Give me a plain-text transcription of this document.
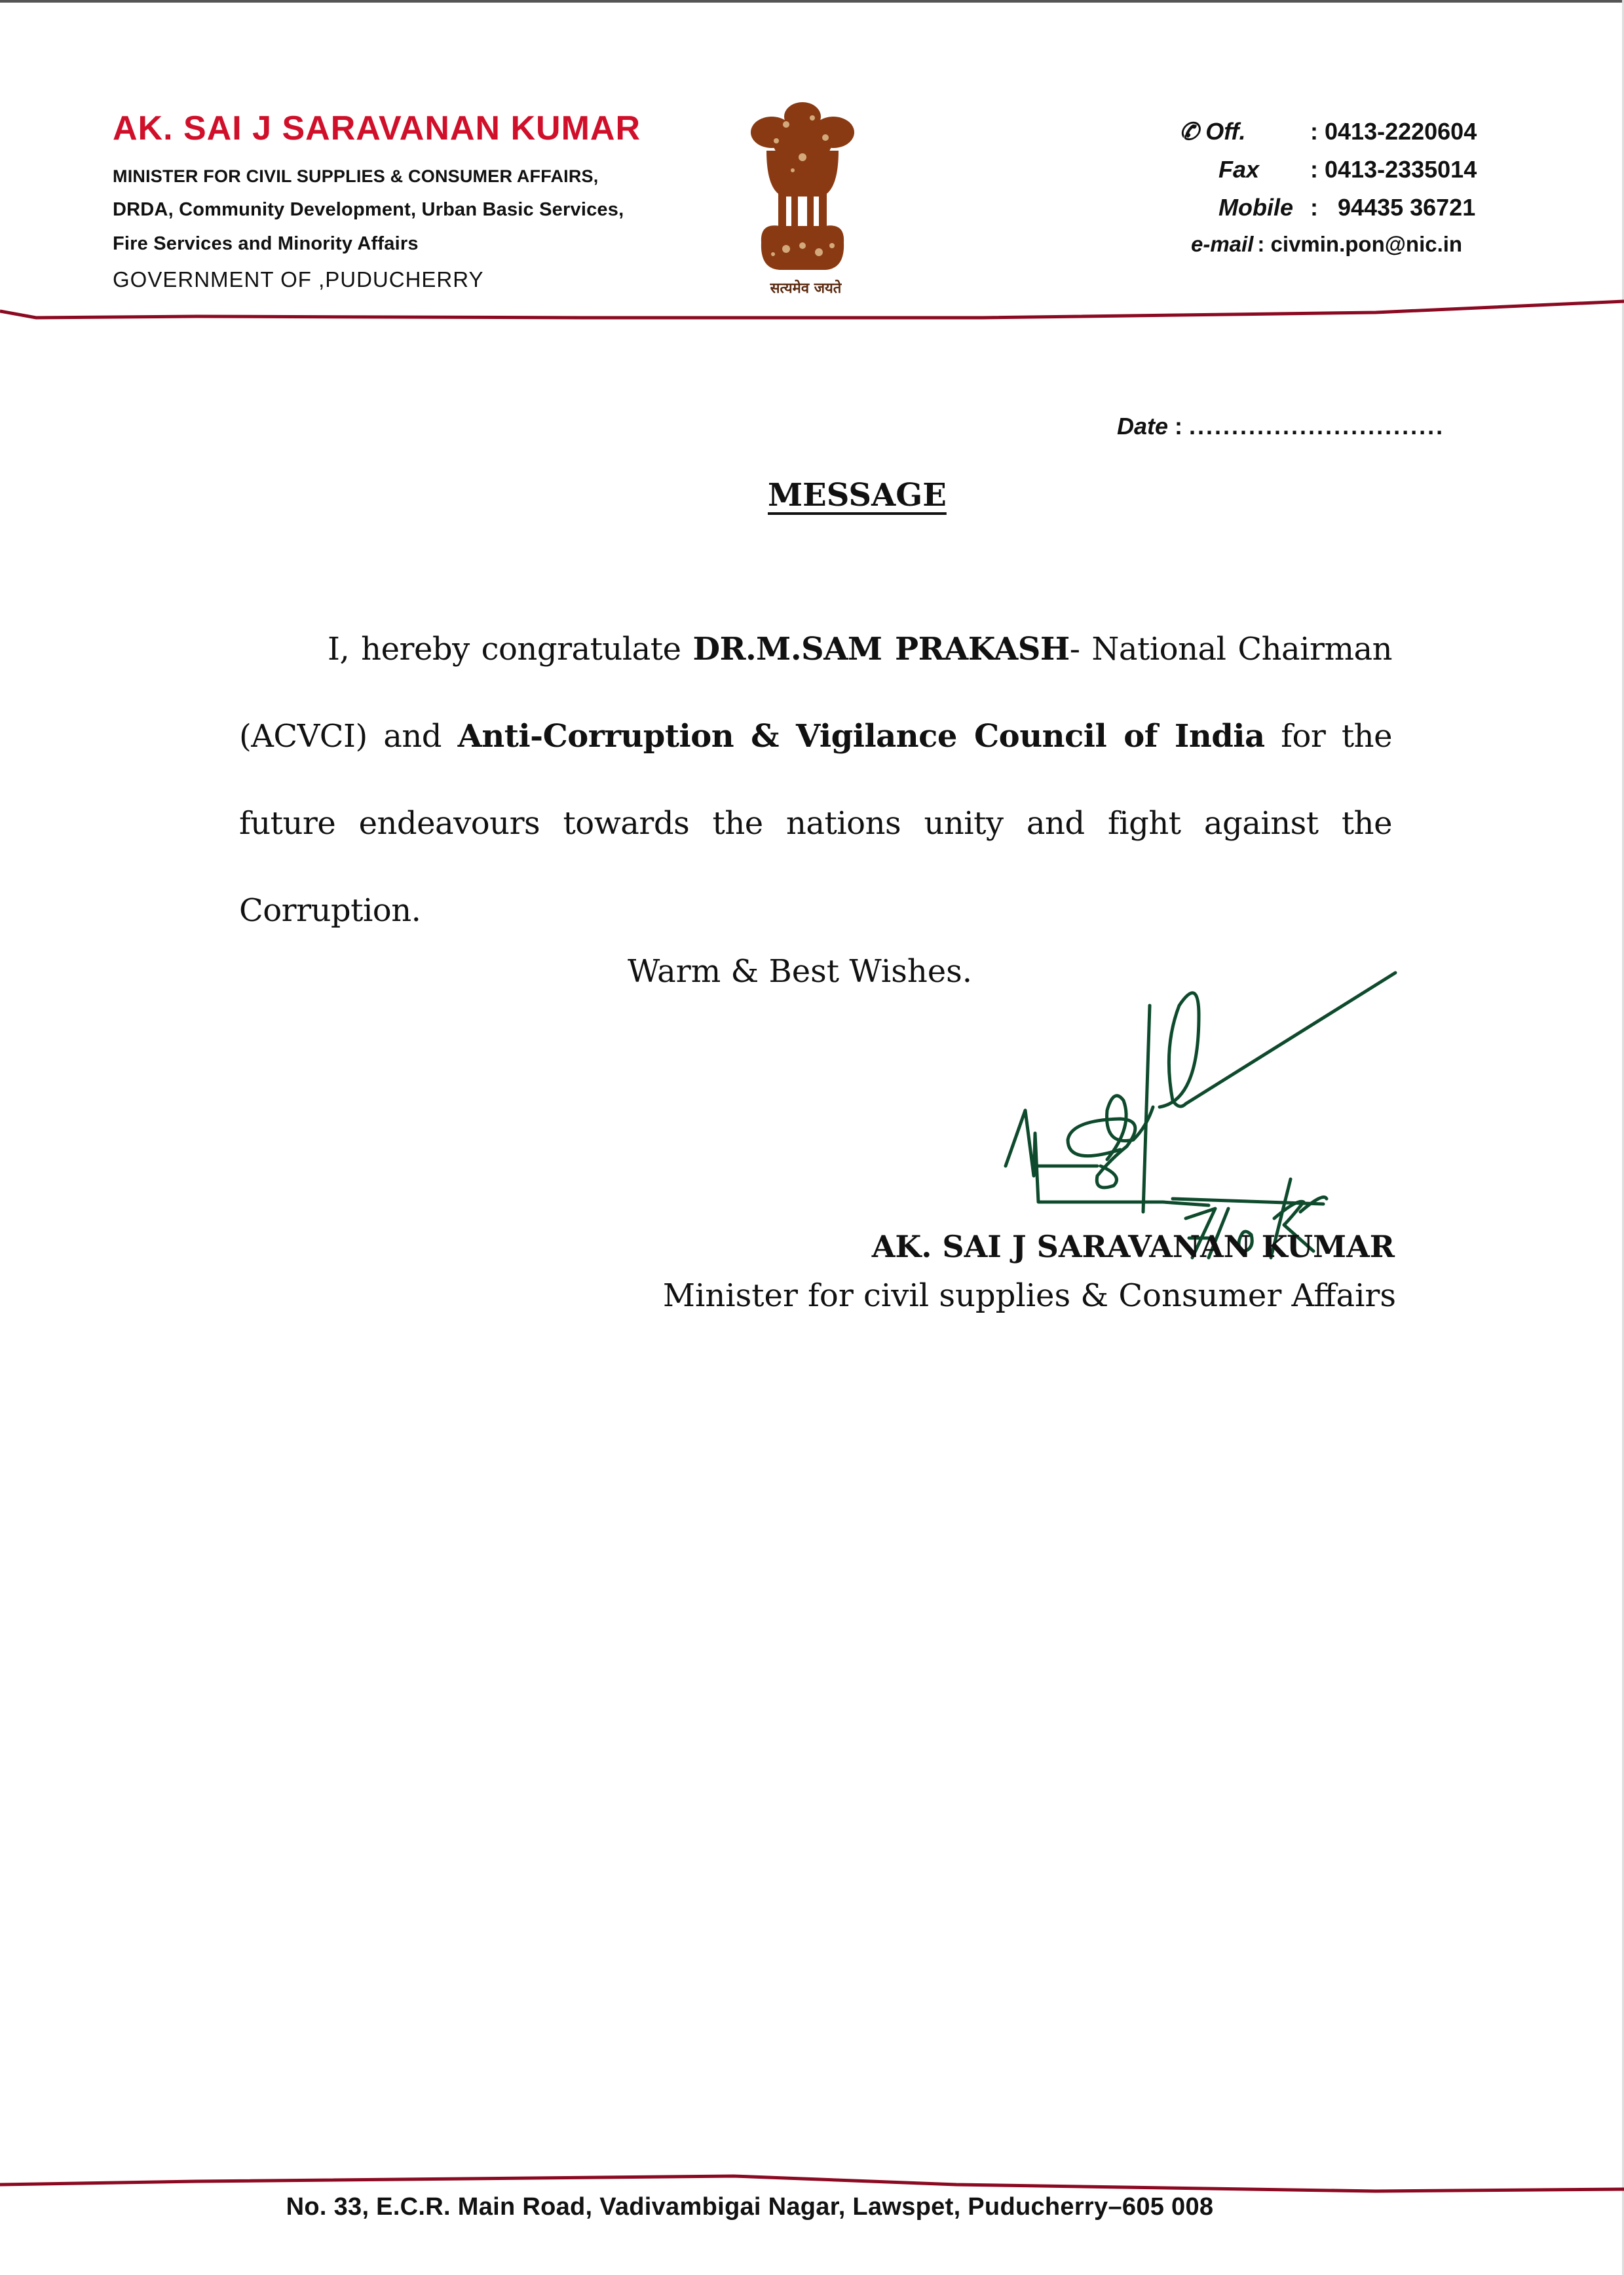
AK. SAI J SARAVANAN KUMAR
MINISTER FOR CIVIL SUPPLIES & CONSUMER AFFAIRS,
DRDA, Community Development, Urban Basic Services,
Fire Services and Minority Affairs
GOVERNMENT OF ,PUDUCHERRY	सत्यमेव जयते
✆ Off.	: 0413-2220604
Fax	: 0413-2335014
Mobile :   94435 36721
e-mail : civmin.pon@nic.in
Date : ..............................
MESSAGE
I, hereby congratulate DR.M.SAM PRAKASH- National Chairman (ACVCI) and Anti-Corruption & Vigilance Council of India for the future endeavours towards the nations unity and fight against the Corruption.
Warm & Best Wishes.
AK. SAI J SARAVANAN KUMAR
Minister for civil supplies & Consumer Affairs
No. 33, E.C.R. Main Road, Vadivambigai Nagar, Lawspet, Puducherry–605 008
